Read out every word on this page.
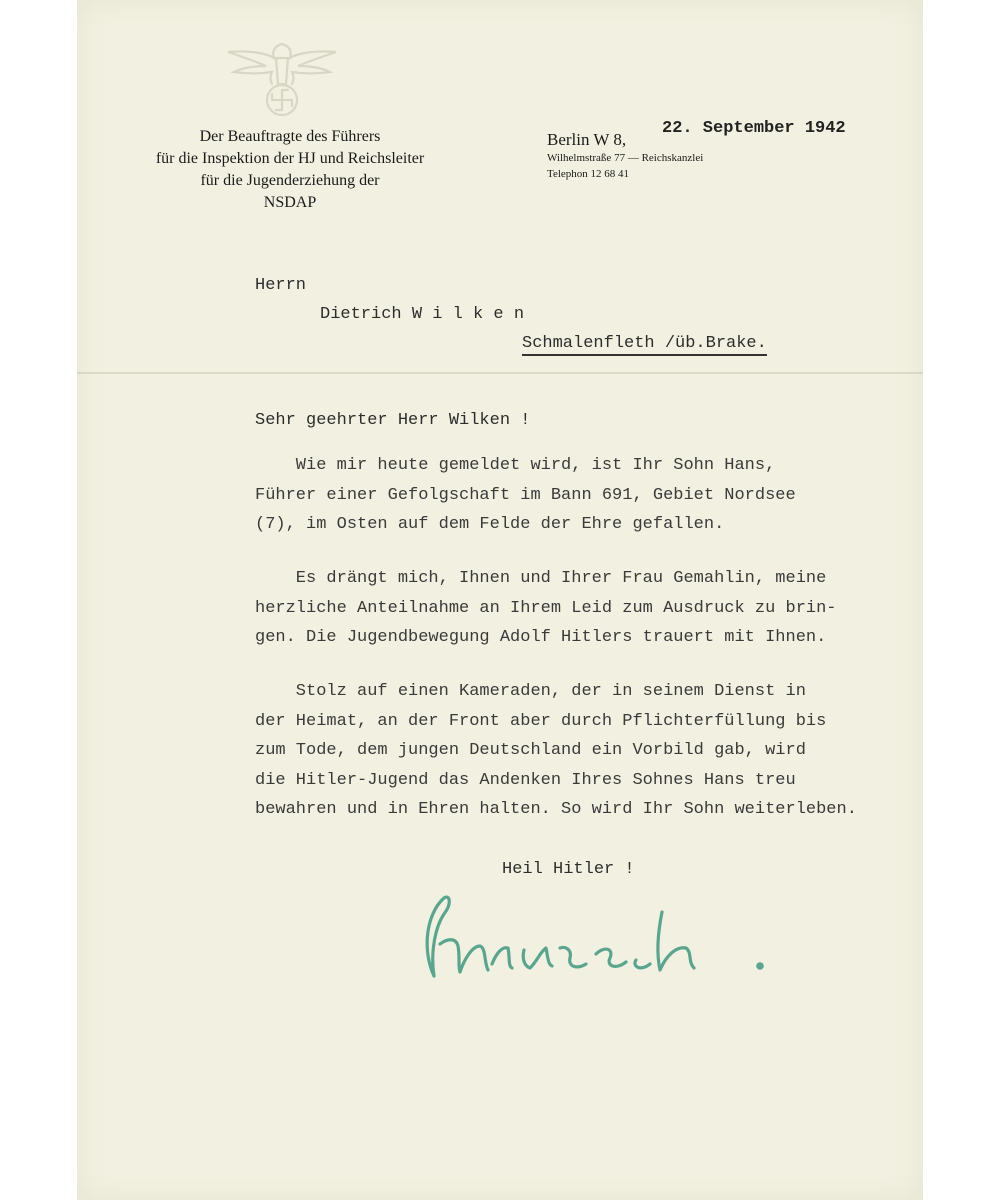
Der Beauftragte des Führers
für die Inspektion der HJ und Reichsleiter
für die Jugenderziehung der
NSDAP
Berlin W 8,
Wilhelmstraße 77 — Reichskanzlei
Telephon 12 68 41
22. September 1942
Herrn
Dietrich W i l k e n
Schmalenfleth /üb.Brake.
Sehr geehrter Herr Wilken !
Wie mir heute gemeldet wird, ist Ihr Sohn Hans,
Führer einer Gefolgschaft im Bann 691, Gebiet Nordsee
(7), im Osten auf dem Felde der Ehre gefallen.
Es drängt mich, Ihnen und Ihrer Frau Gemahlin, meine
herzliche Anteilnahme an Ihrem Leid zum Ausdruck zu brin-
gen. Die Jugendbewegung Adolf Hitlers trauert mit Ihnen.
Stolz auf einen Kameraden, der in seinem Dienst in
der Heimat, an der Front aber durch Pflichterfüllung bis
zum Tode, dem jungen Deutschland ein Vorbild gab, wird
die Hitler-Jugend das Andenken Ihres Sohnes Hans treu
bewahren und in Ehren halten. So wird Ihr Sohn weiterleben.
Heil Hitler !
